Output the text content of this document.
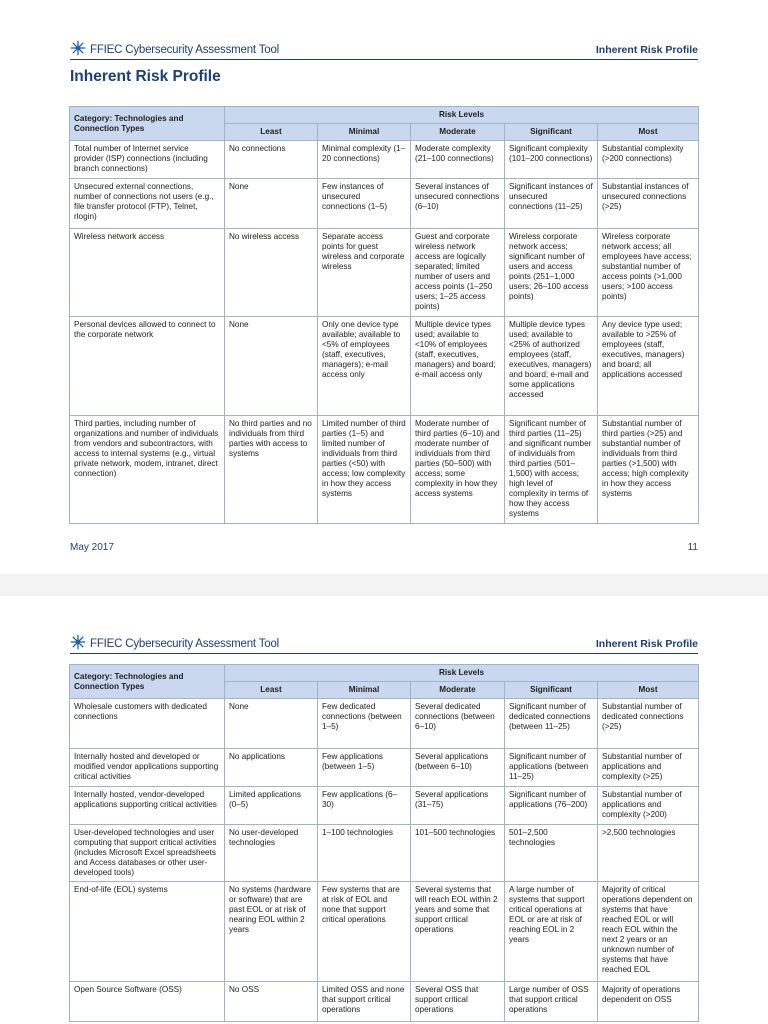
FFIEC Cybersecurity Assessment Tool	Inherent Risk Profile
Inherent Risk Profile
Category: Technologies and Connection Types	Risk Levels				
	Least	Minimal	Moderate	Significant	Most
Total number of Internet service provider (ISP) connections (including branch connections)	No connections	Minimal complexity (1–20 connections)	Moderate complexity (21–100 connections)	Significant complexity (101–200 connections)	Substantial complexity (>200 connections)
Unsecured external connections, number of connections not users (e.g., file transfer protocol (FTP), Telnet, rlogin)	None	Few instances of unsecured connections (1–5)	Several instances of unsecured connections (6–10)	Significant instances of unsecured connections (11–25)	Substantial instances of unsecured connections (>25)
Wireless network access	No wireless access	Separate access points for guest wireless and corporate wireless	Guest and corporate wireless network access are logically separated; limited number of users and access points (1–250 users; 1–25 access points)	Wireless corporate network access; significant number of users and access points (251–1,000 users; 26–100 access points)	Wireless corporate network access; all employees have access; substantial number of access points (>1,000 users; >100 access points)
Personal devices allowed to connect to the corporate network	None	Only one device type available; available to <5% of employees (staff, executives, managers); e-mail access only	Multiple device types used; available to <10% of employees (staff, executives, managers) and board; e-mail access only	Multiple device types used; available to <25% of authorized employees (staff, executives, managers) and board; e-mail and some applications accessed	Any device type used; available to >25% of employees (staff, executives, managers) and board; all applications accessed
Third parties, including number of organizations and number of individuals from vendors and subcontractors, with access to internal systems (e.g., virtual private network, modem, intranet, direct connection)	No third parties and no individuals from third parties with access to systems	Limited number of third parties (1–5) and limited number of individuals from third parties (<50) with access; low complexity in how they access systems	Moderate number of third parties (6–10) and moderate number of individuals from third parties (50–500) with access; some complexity in how they access systems	Significant number of third parties (11–25) and significant number of individuals from third parties (501–1,500) with access; high level of complexity in terms of how they access systems	Substantial number of third parties (>25) and substantial number of individuals from third parties (>1,500) with access; high complexity in how they access systems
May 2017	11
FFIEC Cybersecurity Assessment Tool	Inherent Risk Profile
Category: Technologies and Connection Types	Risk Levels				
	Least	Minimal	Moderate	Significant	Most
Wholesale customers with dedicated connections	None	Few dedicated connections (between 1–5)	Several dedicated connections (between 6–10)	Significant number of dedicated connections (between 11–25)	Substantial number of dedicated connections (>25)
Internally hosted and developed or modified vendor applications supporting critical activities	No applications	Few applications (between 1–5)	Several applications (between 6–10)	Significant number of applications (between 11–25)	Substantial number of applications and complexity (>25)
Internally hosted, vendor-developed applications supporting critical activities	Limited applications (0–5)	Few applications (6–30)	Several applications (31–75)	Significant number of applications (76–200)	Substantial number of applications and complexity (>200)
User-developed technologies and user computing that support critical activities (includes Microsoft Excel spreadsheets and Access databases or other user-developed tools)	No user-developed technologies	1–100 technologies	101–500 technologies	501–2,500 technologies	>2,500 technologies
End-of-life (EOL) systems	No systems (hardware or software) that are past EOL or at risk of nearing EOL within 2 years	Few systems that are at risk of EOL and none that support critical operations	Several systems that will reach EOL within 2 years and some that support critical operations	A large number of systems that support critical operations at EOL or are at risk of reaching EOL in 2 years	Majority of critical operations dependent on systems that have reached EOL or will reach EOL within the next 2 years or an unknown number of systems that have reached EOL
Open Source Software (OSS)	No OSS	Limited OSS and none that support critical operations	Several OSS that support critical operations	Large number of OSS that support critical operations	Majority of operations dependent on OSS
